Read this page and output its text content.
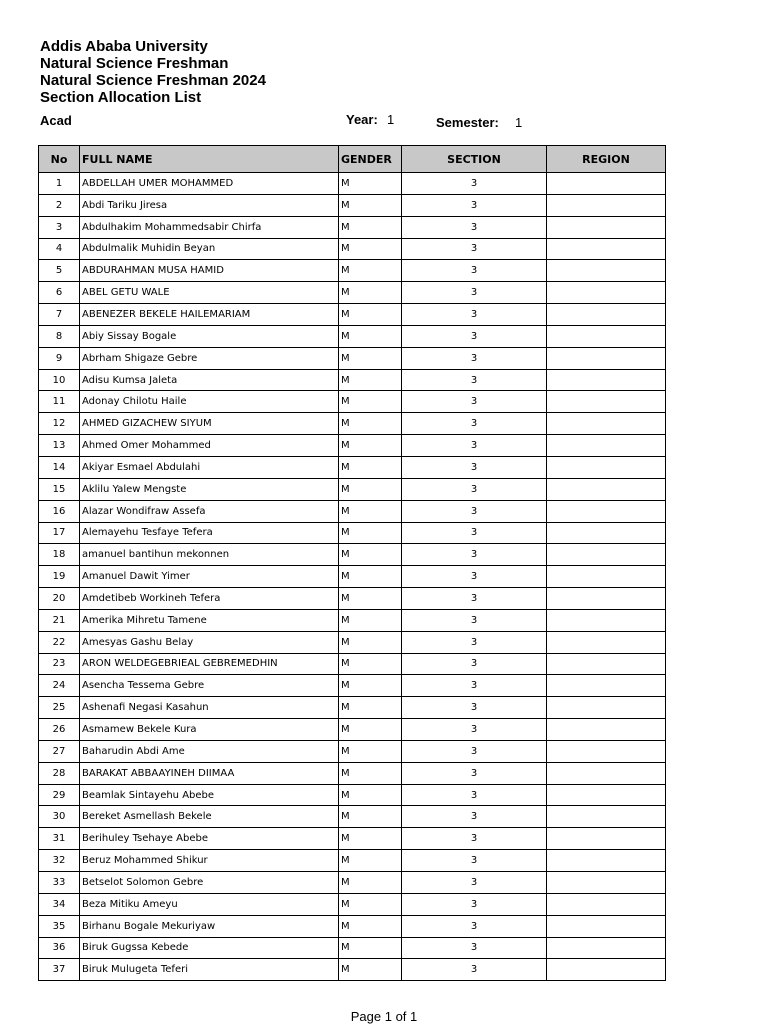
Addis Ababa University
Natural Science Freshman
Natural Science Freshman 2024
Section Allocation List
Acad	Year: 1	Semester: 1
No	FULL NAME	GENDER	SECTION	REGION
1	ABDELLAH UMER MOHAMMED	M	3	
2	Abdi Tariku Jiresa	M	3	
3	Abdulhakim Mohammedsabir Chirfa	M	3	
4	Abdulmalik Muhidin Beyan	M	3	
5	ABDURAHMAN MUSA HAMID	M	3	
6	ABEL GETU WALE	M	3	
7	ABENEZER BEKELE HAILEMARIAM	M	3	
8	Abiy Sissay Bogale	M	3	
9	Abrham Shigaze Gebre	M	3	
10	Adisu Kumsa Jaleta	M	3	
11	Adonay Chilotu Haile	M	3	
12	AHMED GIZACHEW SIYUM	M	3	
13	Ahmed Omer Mohammed	M	3	
14	Akiyar Esmael Abdulahi	M	3	
15	Aklilu Yalew Mengste	M	3	
16	Alazar Wondifraw Assefa	M	3	
17	Alemayehu Tesfaye Tefera	M	3	
18	amanuel bantihun mekonnen	M	3	
19	Amanuel Dawit Yimer	M	3	
20	Amdetibeb Workineh Tefera	M	3	
21	Amerika Mihretu Tamene	M	3	
22	Amesyas Gashu Belay	M	3	
23	ARON WELDEGEBRIEAL GEBREMEDHIN	M	3	
24	Asencha Tessema Gebre	M	3	
25	Ashenafi Negasi Kasahun	M	3	
26	Asmamew Bekele Kura	M	3	
27	Baharudin Abdi Ame	M	3	
28	BARAKAT ABBAAYINEH DIIMAA	M	3	
29	Beamlak Sintayehu Abebe	M	3	
30	Bereket Asmellash Bekele	M	3	
31	Berihuley Tsehaye Abebe	M	3	
32	Beruz Mohammed Shikur	M	3	
33	Betselot Solomon Gebre	M	3	
34	Beza Mitiku Ameyu	M	3	
35	Birhanu Bogale Mekuriyaw	M	3	
36	Biruk Gugssa Kebede	M	3	
37	Biruk Mulugeta Teferi	M	3	
Page 1 of 1
